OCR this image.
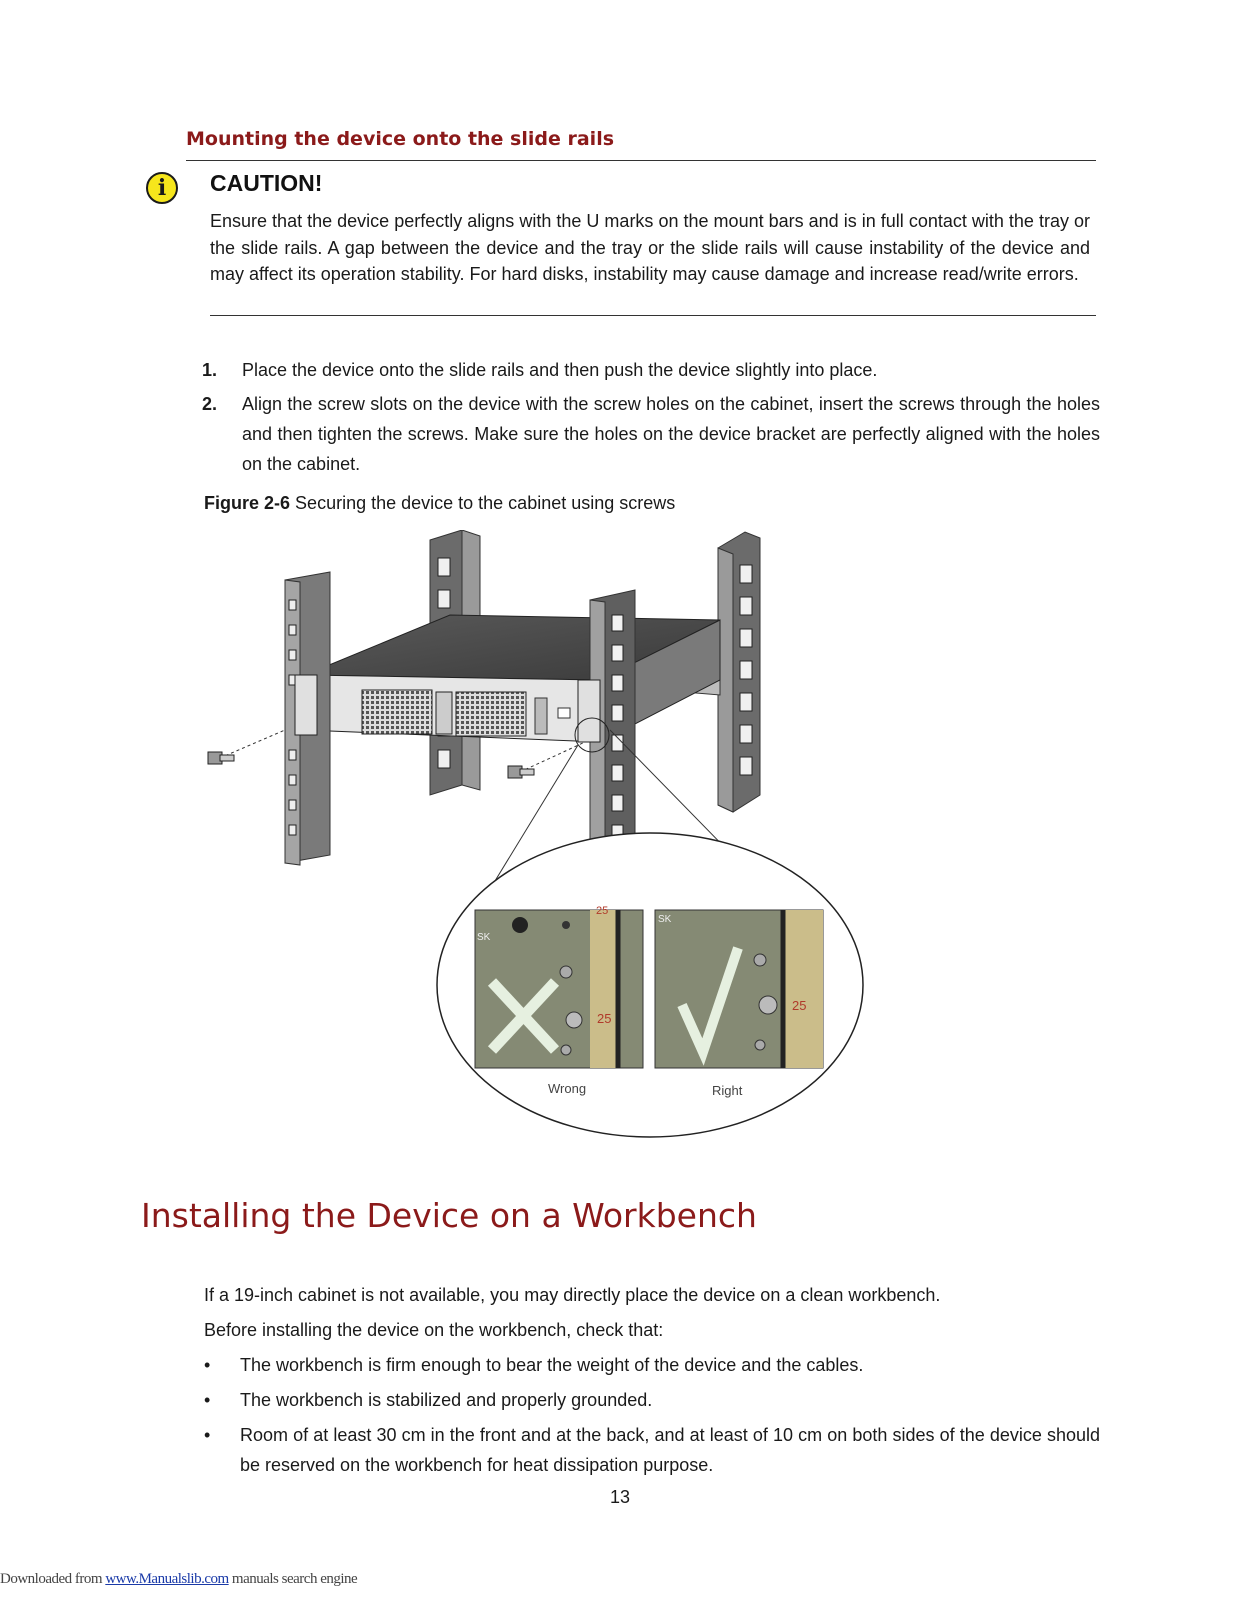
Mounting the device onto the slide rails
i	CAUTION!
Ensure that the device perfectly aligns with the U marks on the mount bars and is in full contact with the tray or the slide rails. A gap between the device and the tray or the slide rails will cause instability of the device and may affect its operation stability. For hard disks, instability may cause damage and increase read/write errors.
1. Place the device onto the slide rails and then push the device slightly into place.
2. Align the screw slots on the device with the screw holes on the cabinet, insert the screws through the holes and then tighten the screws. Make sure the holes on the device bracket are perfectly aligned with the holes on the cabinet.
Figure 2-6 Securing the device to the cabinet using screws
25
25
SK
25
SK
Wrong	Right
Installing the Device on a Workbench
If a 19-inch cabinet is not available, you may directly place the device on a clean workbench.
Before installing the device on the workbench, check that:
• The workbench is firm enough to bear the weight of the device and the cables.
• The workbench is stabilized and properly grounded.
• Room of at least 30 cm in the front and at the back, and at least of 10 cm on both sides of the device should be reserved on the workbench for heat dissipation purpose.
13
Downloaded from www.Manualslib.com manuals search engine
